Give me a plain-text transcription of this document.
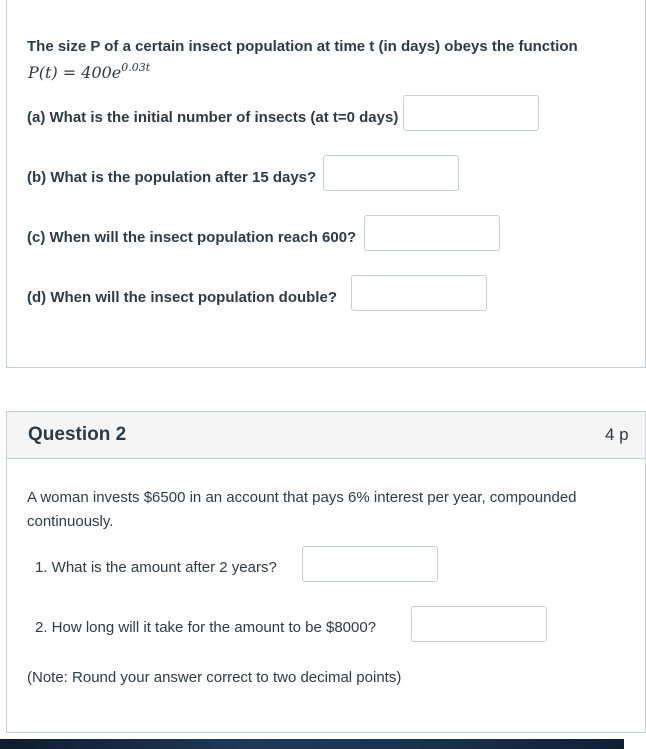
The size P of a certain insect population at time t (in days) obeys the function
$P(t) = 400e^{0.03t}$
(a) What is the initial number of insects (at t=0 days)
(b) What is the population after 15 days?
(c) When will the insect population reach 600?
(d) When will the insect population double?
Question 2	4 p
A woman invests $6500 in an account that pays 6% interest per year, compounded
continuously.
1. What is the amount after 2 years?
2. How long will it take for the amount to be $8000?
(Note: Round your answer correct to two decimal points)
